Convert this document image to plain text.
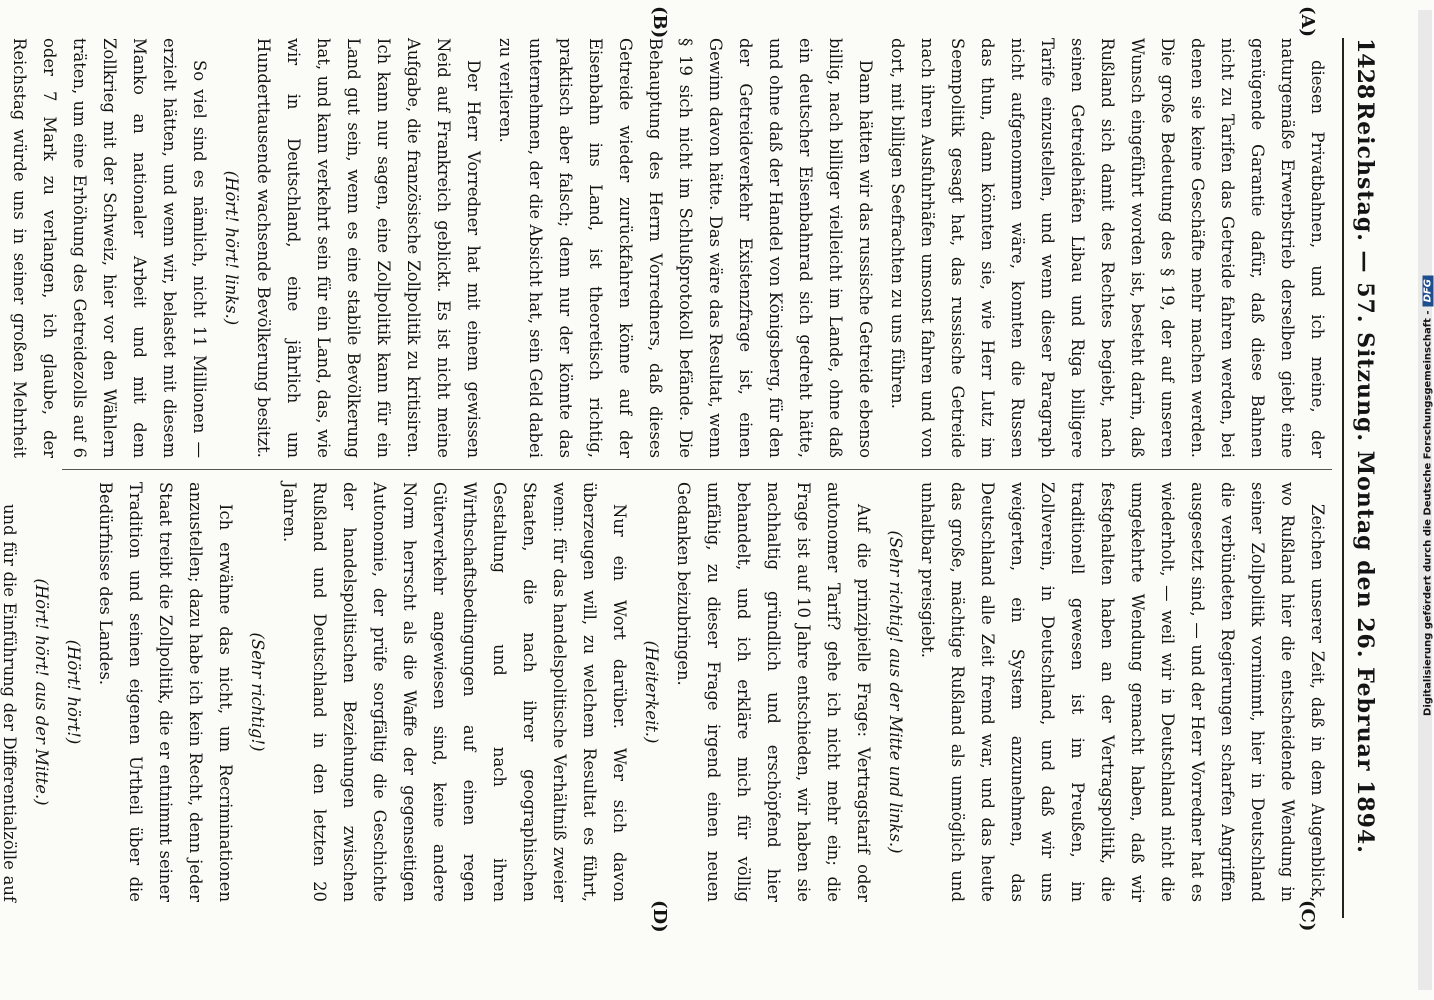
1428
Reichstag. — 57. Sitzung. Montag den 26. Februar 1894.
(A)
(B)
(C)
(D)

diesen Privatbahnen, und ich meine, der naturgemäße Erwerbstrieb derselben giebt eine genügende Garantie dafür, daß diese Bahnen nicht zu Tarifen das Getreide fahren werden, bei denen sie keine Geschäfte mehr machen werden. Die große Bedeutung des § 19, der auf unseren Wunsch eingeführt worden ist, besteht darin, daß Rußland sich damit des Rechtes begiebt, nach seinen Getreidehäfen Libau und Riga billigere Tarife einzustellen, und wenn dieser Paragraph nicht aufgenommen wäre, konnten die Russen das thun, dann könnten sie, wie Herr Lutz im Seempolitik gesagt hat, das russische Getreide nach ihren Ausfuhrhäfen umsonst fahren und von dort, mit billigen Seefrachten zu uns führen.

Dann hätten wir das russische Getreide ebenso billig, nach billiger vielleicht im Lande, ohne daß ein deutscher Eisenbahnrad sich gedreht hätte, und ohne daß der Handel von Königsberg, für den der Getreideverkehr Existenzfrage ist, einen Gewinn davon hätte. Das wäre das Resultat, wenn § 19 sich nicht im Schlußprotokoll befände. Die Behauptung des Herrn Vorredners, daß dieses Getreide wieder zurückfahren könne auf der Eisenbahn ins Land, ist theoretisch richtig, praktisch aber falsch; denn nur der könnte das unternehmen, der die Absicht hat, sein Geld dabei zu verlieren.

Der Herr Vorredner hat mit einem gewissen Neid auf Frankreich geblickt. Es ist nicht meine Aufgabe, die französische Zollpolitik zu kritisiren. Ich kann nur sagen, eine Zollpolitik kann für ein Land gut sein, wenn es eine stabile Bevölkerung hat, und kann verkehrt sein für ein Land, das, wie wir in Deutschland, eine jährlich um Hunderttausende wachsende Bevölkerung besitzt.

(Hört! hört! links.)

So viel sind es nämlich, nicht 11 Millionen — erzielt hätten, und wenn wir, belastet mit diesem Manko an nationaler Arbeit und mit dem Zollkrieg mit der Schweiz, hier vor den Wählern träten, um eine Erhöhung des Getreidezolls auf 6 oder 7 Mark zu verlangen, ich glaube, der Reichstag würde uns in seiner großen Mehrheit

Zeichen unserer Zeit, daß in dem Augenblick, wo Rußland hier die entscheidende Wendung in seiner Zollpolitik vornimmt, hier in Deutschland die verbündeten Regierungen scharfen Angriffen ausgesetzt sind, — und der Herr Vorredner hat es wiederholt, — weil wir in Deutschland nicht die umgekehrte Wendung gemacht haben, daß wir festgehalten haben an der Vertragspolitik, die traditionell gewesen ist im Preußen, im Zollverein, in Deutschland, und daß wir uns weigerten, ein System anzunehmen, das Deutschland alle Zeit fremd war, und das heute das große, mächtige Rußland als unmöglich und unhaltbar preisgiebt.

(Sehr richtig! aus der Mitte und links.)

Auf die prinzipielle Frage: Vertragstarif oder autonomer Tarif? gehe ich nicht mehr ein; die Frage ist auf 10 Jahre entschieden, wir haben sie nachhaltig gründlich und erschöpfend hier behandelt, und ich erkläre mich für völlig unfähig, zu dieser Frage irgend einen neuen Gedanken beizubringen.

(Heiterkeit.)

Nur ein Wort darüber. Wer sich davon überzeugen will, zu welchem Resultat es führt, wenn: für das handelspolitische Verhältniß zweier Staaten, die nach ihrer geographischen Gestaltung und nach ihren Wirthschaftsbedingungen auf einen regen Güterverkehr angewiesen sind, keine andere Norm herrscht als die Waffe der gegenseitigen Autonomie, der prüfe sorgfältig die Geschichte der handelspolitischen Beziehungen zwischen Rußland und Deutschland in den letzten 20 Jahren.

(Sehr richtig!)

Ich erwähne das nicht, um Recriminationen anzustellen; dazu habe ich kein Recht, denn jeder Staat treibt die Zollpolitik, die er entnimmt seiner Tradition und seinen eigenen Urtheil über die Bedürfnisse des Landes.

(Hört! hört!)

(Hört! hört! aus der Mitte.)

und für die Einführung der Differentialzölle auf

Digitalisierung gefördert durch die Deutsche Forschungsgemeinschaft -DFG
